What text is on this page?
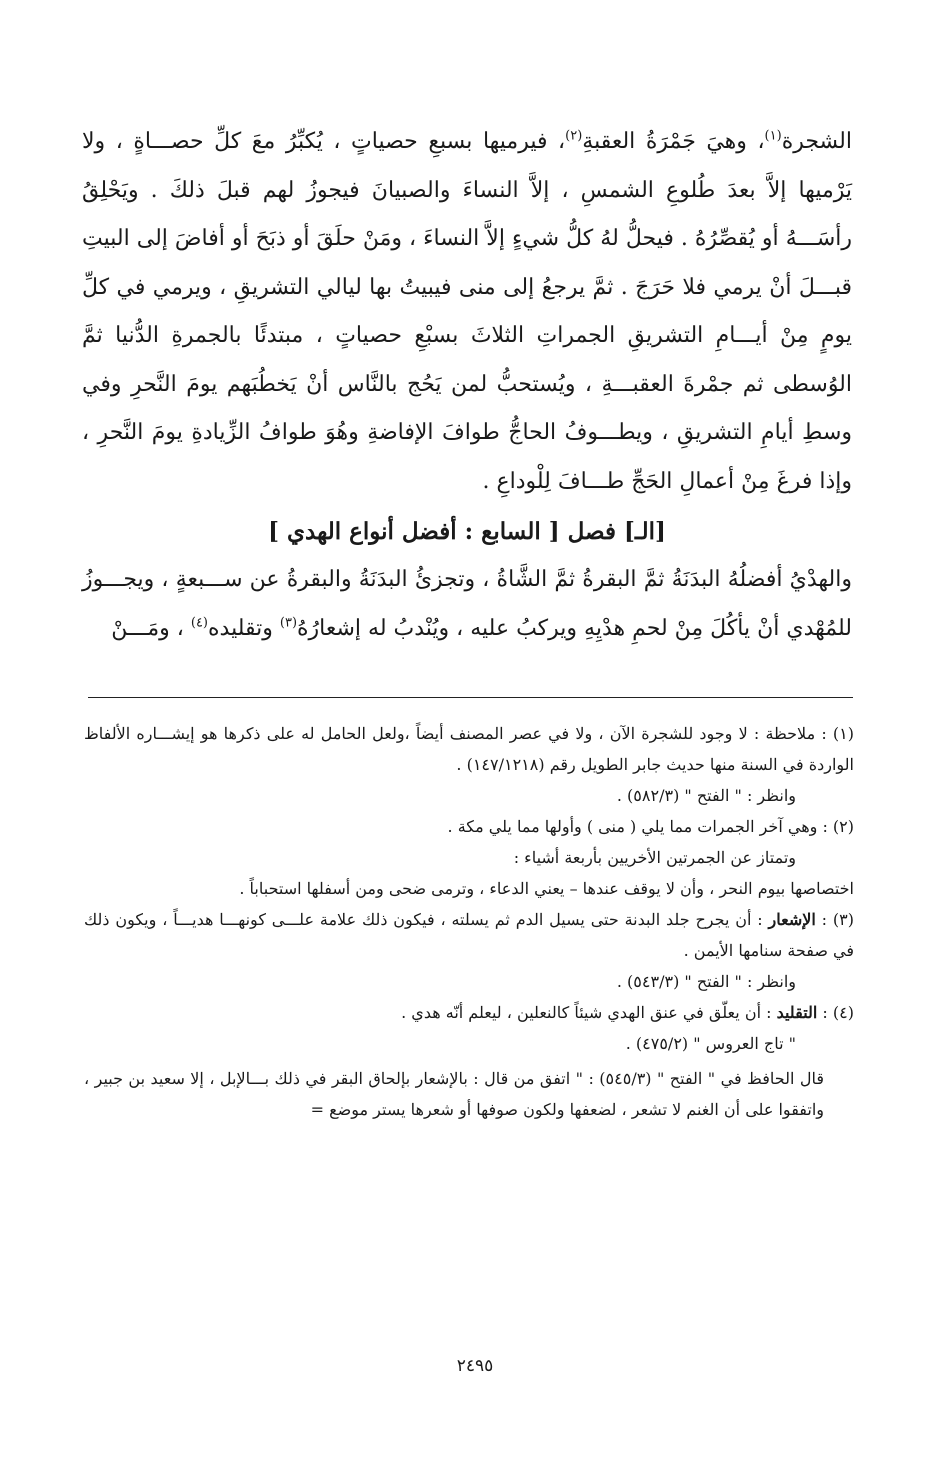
الشجرة$^{(١)}$، وهيَ جَمْرَةُ العقبةِ$^{(٢)}$، فيرميها بسبعِ حصياتٍ ، يُكبِّرُ معَ كلِّ حصـــاةٍ ، ولا يَرْميها إلاَّ بعدَ طُلوعِ الشمسِ ، إلاَّ النساءَ والصبيانَ فيجوزُ لهم قبلَ ذلكَ . ويَحْلِقُ رأسَـــهُ أو يُقصِّرُهُ . فيحلُّ لهُ كلُّ شيءٍ إلاَّ النساءَ ، ومَنْ حلَقَ أو ذبَحَ أو أفاضَ إلى البيتِ قبـــلَ أنْ يرمي فلا حَرَجَ . ثمَّ يرجعُ إلى منى فيبيتُ بها ليالي التشريقِ ، ويرمي في كلِّ يومٍ مِنْ أيـــامِ التشريقِ الجمراتِ الثلاثَ بسبْعِ حصياتٍ ، مبتدئًا بالجمرةِ الدُّنيا ثمَّ الوُسطى ثم جمْرةَ العقبـــةِ ، ويُستحبُّ لمن يَحُج بالنَّاس أنْ يَخطُبَهم يومَ النَّحرِ وفي وسطِ أيامِ التشريقِ ، ويطـــوفُ الحاجُّ طوافَ الإفاضةِ وهُوَ طوافُ الزِّيادةِ يومَ النَّحرِ ، وإذا فرغَ مِنْ أعمالِ الحَجِّ طـــافَ لِلْوداعِ .

[الـ] فصل [ السابع : أفضل أنواع الهدي ]

والهدْيُ أفضلُهُ البدَنَةُ ثمَّ البقرةُ ثمَّ الشَّاةُ ، وتجزئُ البدَنَةُ والبقرةُ عن ســـبعةٍ ، ويجـــوزُ للمُهْدي أنْ يأكُلَ مِنْ لحمِ هدْيِهِ ويركبُ عليه ، ويُنْدبُ له إشعارُهُ$^{(٣)}$ وتقليده$^{(٤)}$ ، ومَـــنْ

(١) : ملاحظة : لا وجود للشجرة الآن ، ولا في عصر المصنف أيضاً ،ولعل الحامل له على ذكرها هو إيشـــاره الألفاظ الواردة في السنة منها حديث جابر الطويل رقم (١٤٧/١٢١٨) .

وانظر : " الفتح " (٥٨٢/٣) .

(٢) : وهي آخر الجمرات مما يلي ( منى ) وأولها مما يلي مكة .

وتمتاز عن الجمرتين الأخريين بأربعة أشياء :

اختصاصها بيوم النحر ، وأن لا يوقف عندها – يعني الدعاء ، وترمى ضحى ومن أسفلها استحباباً .

(٣) : الإشعار : أن يجرح جلد البدنة حتى يسيل الدم ثم يسلته ، فيكون ذلك علامة علـــى كونهـــا هديـــاً ، ويكون ذلك في صفحة سنامها الأيمن .

وانظر : " الفتح " (٥٤٣/٣) .

(٤) : التقليد : أن يعلّق في عنق الهدي شيئاً كالنعلين ، ليعلم أنّه هدي .

" تاج العروس " (٤٧٥/٢) .

قال الحافظ في " الفتح " (٥٤٥/٣) : " اتفق من قال : بالإشعار بإلحاق البقر في ذلك بـــالإبل ، إلا سعيد بن جبير ، واتفقوا على أن الغنم لا تشعر ، لضعفها ولكون صوفها أو شعرها يستر موضع =

٢٤٩٥
